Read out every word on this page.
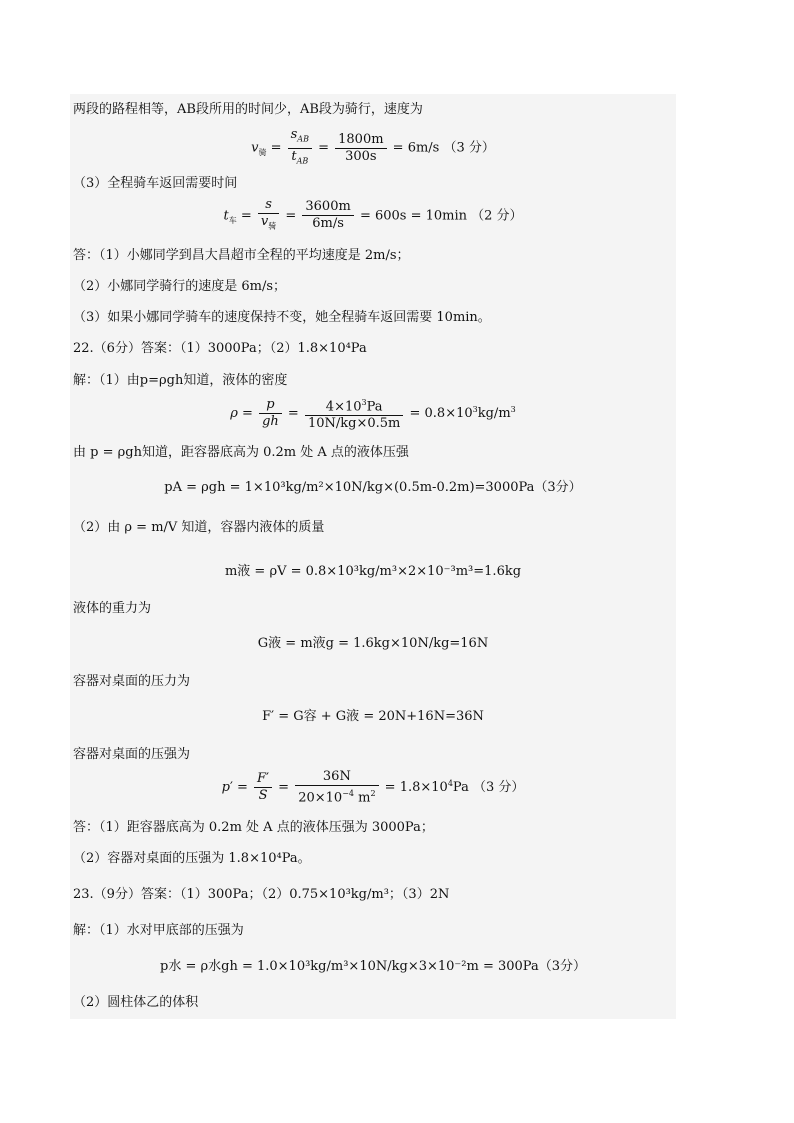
两段的路程相等，AB段所用的时间少，AB段为骑行，速度为
$v_骑 = \frac{s_{AB}}{t_{AB}} = \frac{1800m}{300s} = 6m/s$ （3 分）
（3）全程骑车返回需要时间
$t_车 = \frac{s}{v_骑} = \frac{3600m}{6m/s} = 600s = 10\min$ （2 分）
答：（1）小娜同学到昌大昌超市全程的平均速度是 2m/s；
（2）小娜同学骑行的速度是 6m/s；
（3）如果小娜同学骑车的速度保持不变，她全程骑车返回需要 10min。
22.（6分）答案：（1）3000Pa；（2）1.8×10⁴Pa
解：（1）由p=ρgh知道，液体的密度
$\rho = \frac{p}{gh} = \frac{4\times 10^3Pa}{10N/kg\times 0.5m} = 0.8\times 10^3kg/m^3$
由 p = ρgh知道，距容器底高为 0.2m 处 A 点的液体压强
pA = ρgh = 1×10³kg/m²×10N/kg×(0.5m-0.2m)=3000Pa（3分）
（2）由 ρ = m/V 知道，容器内液体的质量
m液 = ρV = 0.8×10³kg/m³×2×10⁻³m³=1.6kg
液体的重力为
G液 = m液g = 1.6kg×10N/kg=16N
容器对桌面的压力为
F′ = G容 + G液 = 20N+16N=36N
容器对桌面的压强为
$p' = \frac{F'}{S} = \frac{36N}{20\times 10^{-4} m^2} = 1.8\times 10^4Pa$ （3 分）
答：（1）距容器底高为 0.2m 处 A 点的液体压强为 3000Pa；
（2）容器对桌面的压强为 1.8×10⁴Pa。
23.（9分）答案：（1）300Pa；（2）0.75×10³kg/m³；（3）2N
解：（1）水对甲底部的压强为
p水 = ρ水gh = 1.0×10³kg/m³×10N/kg×3×10⁻²m = 300Pa（3分）
（2）圆柱体乙的体积
